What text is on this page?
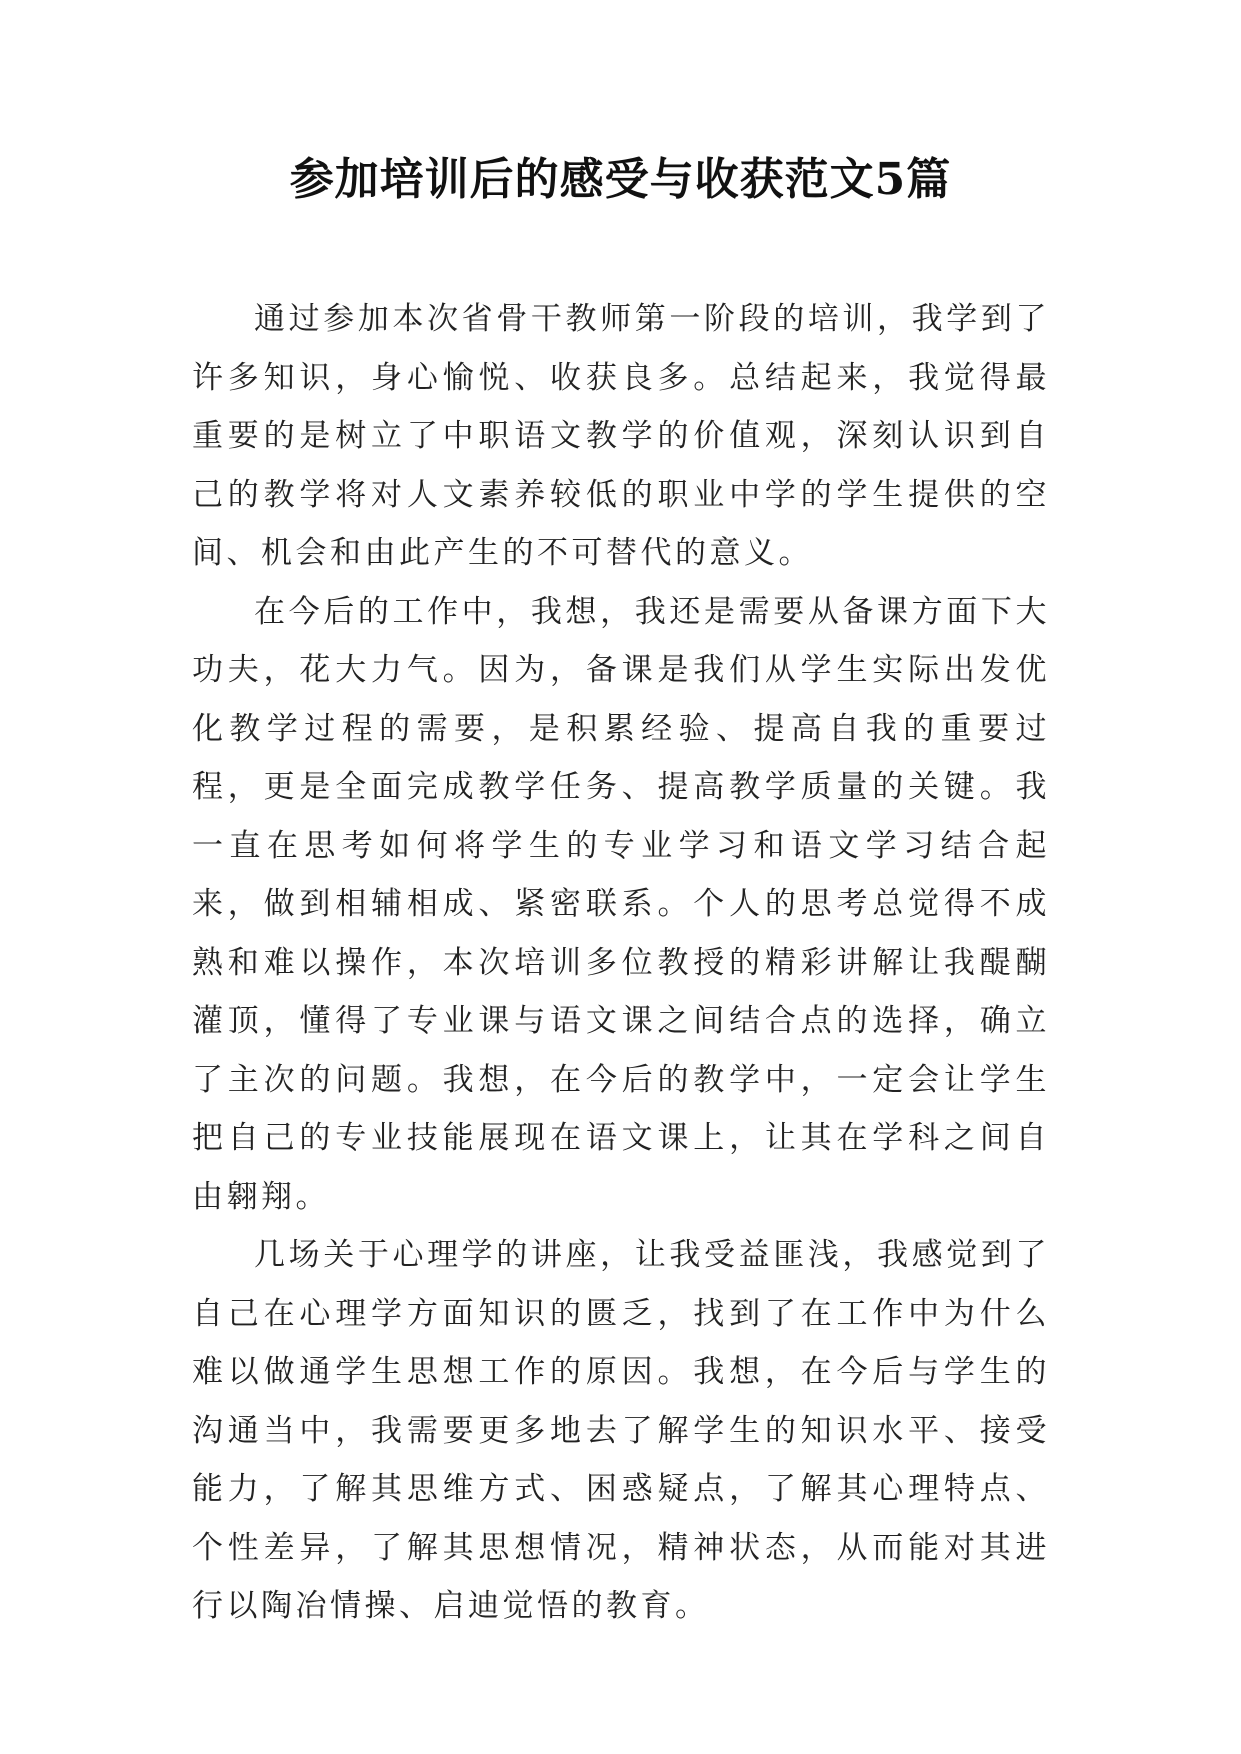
参加培训后的感受与收获范文5篇

通过参加本次省骨干教师第一阶段的培训，我学到了许多知识，身心愉悦、收获良多。总结起来，我觉得最重要的是树立了中职语文教学的价值观，深刻认识到自己的教学将对人文素养较低的职业中学的学生提供的空间、机会和由此产生的不可替代的意义。

在今后的工作中，我想，我还是需要从备课方面下大功夫，花大力气。因为，备课是我们从学生实际出发优化教学过程的需要，是积累经验、提高自我的重要过程，更是全面完成教学任务、提高教学质量的关键。我一直在思考如何将学生的专业学习和语文学习结合起来，做到相辅相成、紧密联系。个人的思考总觉得不成熟和难以操作，本次培训多位教授的精彩讲解让我醍醐灌顶，懂得了专业课与语文课之间结合点的选择，确立了主次的问题。我想，在今后的教学中，一定会让学生把自己的专业技能展现在语文课上，让其在学科之间自由翱翔。

几场关于心理学的讲座，让我受益匪浅，我感觉到了自己在心理学方面知识的匮乏，找到了在工作中为什么难以做通学生思想工作的原因。我想，在今后与学生的沟通当中，我需要更多地去了解学生的知识水平、接受能力，了解其思维方式、困惑疑点，了解其心理特点、个性差异，了解其思想情况，精神状态，从而能对其进行以陶冶情操、启迪觉悟的教育。
